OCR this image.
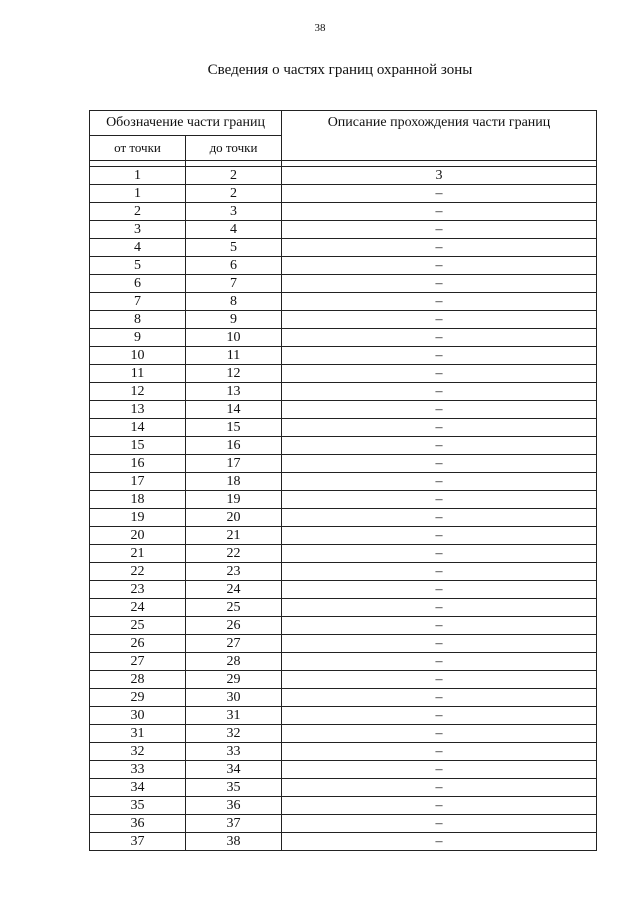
38
Сведения о частях границ охранной зоны
Обозначение части границ		Описание прохождения части границ
от точки	до точки	

1	2	3
1	2	–
2	3	–
3	4	–
4	5	–
5	6	–
6	7	–
7	8	–
8	9	–
9	10	–
10	11	–
11	12	–
12	13	–
13	14	–
14	15	–
15	16	–
16	17	–
17	18	–
18	19	–
19	20	–
20	21	–
21	22	–
22	23	–
23	24	–
24	25	–
25	26	–
26	27	–
27	28	–
28	29	–
29	30	–
30	31	–
31	32	–
32	33	–
33	34	–
34	35	–
35	36	–
36	37	–
37	38	–
